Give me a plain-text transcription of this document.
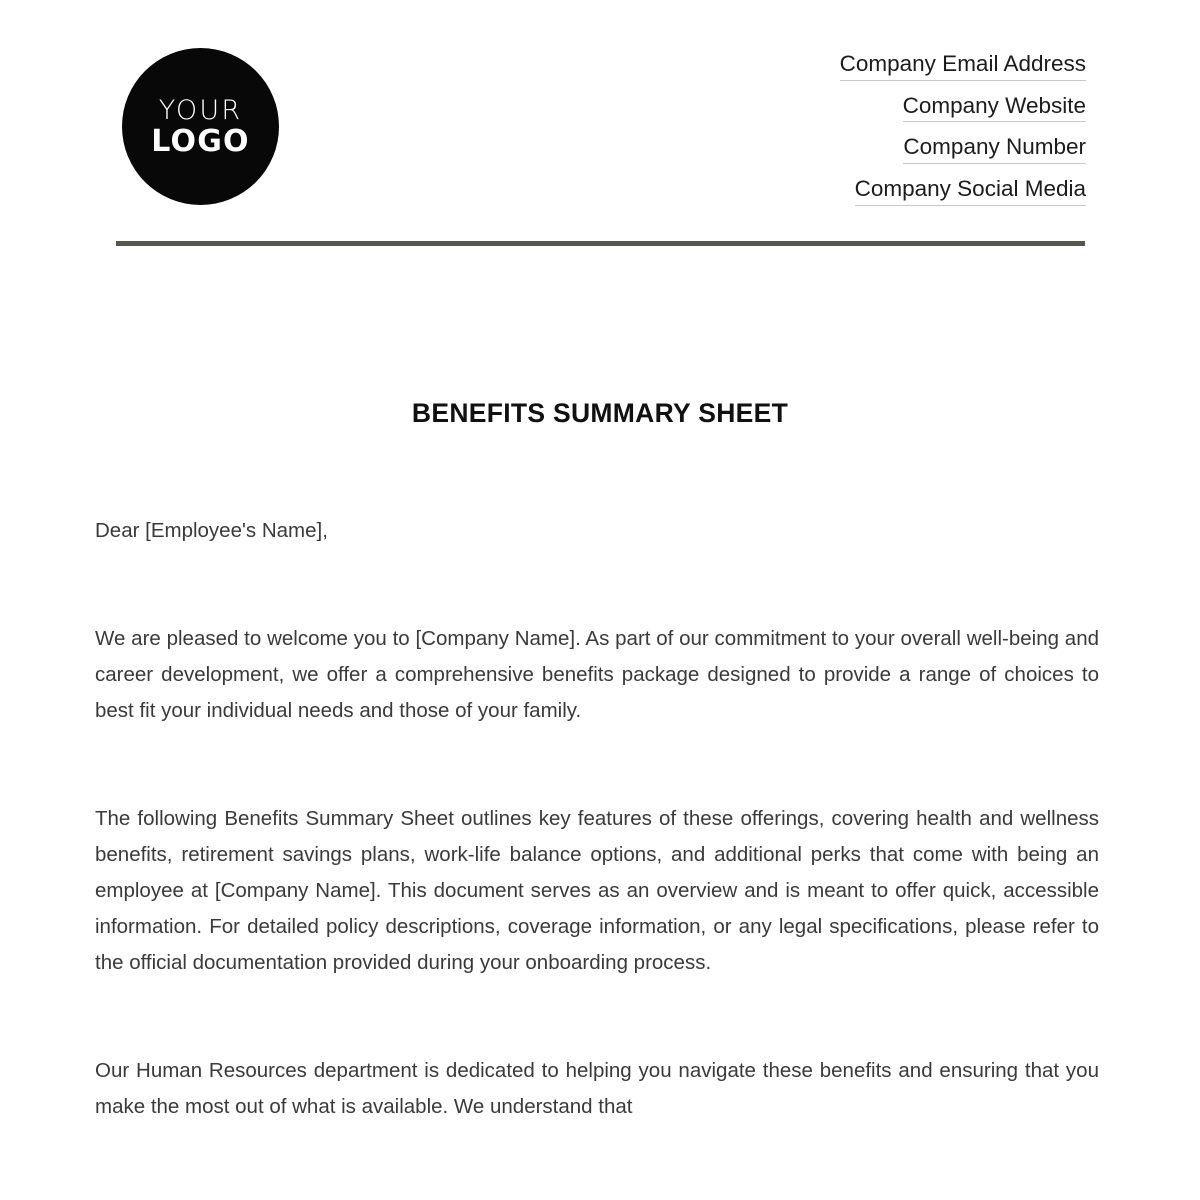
YOUR
LOGO
Company Email Address
Company Website
Company Number
Company Social Media
BENEFITS SUMMARY SHEET

Dear [Employee's Name],

We are pleased to welcome you to [Company Name]. As part of our commitment to your overall well-being and career development, we offer a comprehensive benefits package designed to provide a range of choices to best fit your individual needs and those of your family.

The following Benefits Summary Sheet outlines key features of these offerings, covering health and wellness benefits, retirement savings plans, work-life balance options, and additional perks that come with being an employee at [Company Name]. This document serves as an overview and is meant to offer quick, accessible information. For detailed policy descriptions, coverage information, or any legal specifications, please refer to the official documentation provided during your onboarding process.

Our Human Resources department is dedicated to helping you navigate these benefits and ensuring that you make the most out of what is available. We understand that
